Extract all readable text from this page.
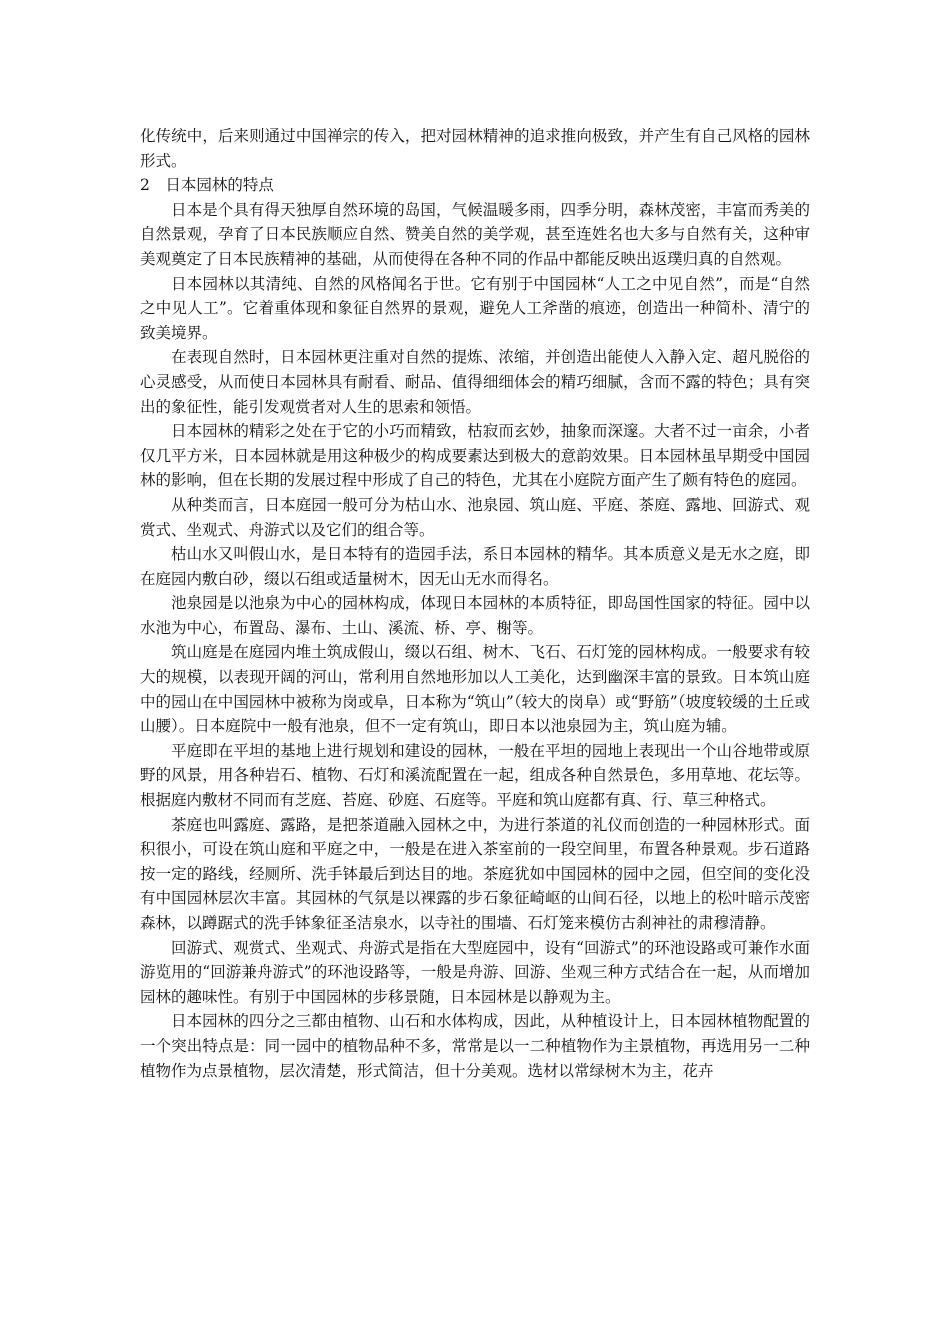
化传统中，后来则通过中国禅宗的传入，把对园林精神的追求推向极致，并产生有自己风格的园林形式。

2　日本园林的特点

日本是个具有得天独厚自然环境的岛国，气候温暖多雨，四季分明，森林茂密，丰富而秀美的自然景观，孕育了日本民族顺应自然、赞美自然的美学观，甚至连姓名也大多与自然有关，这种审美观奠定了日本民族精神的基础，从而使得在各种不同的作品中都能反映出返璞归真的自然观。

日本园林以其清纯、自然的风格闻名于世。它有别于中国园林“人工之中见自然”，而是“自然之中见人工”。它着重体现和象征自然界的景观，避免人工斧凿的痕迹，创造出一种简朴、清宁的致美境界。

在表现自然时，日本园林更注重对自然的提炼、浓缩，并创造出能使人入静入定、超凡脱俗的心灵感受，从而使日本园林具有耐看、耐品、值得细细体会的精巧细腻，含而不露的特色；具有突出的象征性，能引发观赏者对人生的思索和领悟。

日本园林的精彩之处在于它的小巧而精致，枯寂而玄妙，抽象而深邃。大者不过一亩余，小者仅几平方米，日本园林就是用这种极少的构成要素达到极大的意韵效果。日本园林虽早期受中国园林的影响，但在长期的发展过程中形成了自己的特色，尤其在小庭院方面产生了颇有特色的庭园。

从种类而言，日本庭园一般可分为枯山水、池泉园、筑山庭、平庭、茶庭、露地、回游式、观赏式、坐观式、舟游式以及它们的组合等。

枯山水又叫假山水，是日本特有的造园手法，系日本园林的精华。其本质意义是无水之庭，即在庭园内敷白砂，缀以石组或适量树木，因无山无水而得名。

池泉园是以池泉为中心的园林构成，体现日本园林的本质特征，即岛国性国家的特征。园中以水池为中心，布置岛、瀑布、土山、溪流、桥、亭、榭等。

筑山庭是在庭园内堆土筑成假山，缀以石组、树木、飞石、石灯笼的园林构成。一般要求有较大的规模，以表现开阔的河山，常利用自然地形加以人工美化，达到幽深丰富的景致。日本筑山庭中的园山在中国园林中被称为岗或阜，日本称为“筑山”（较大的岗阜）或“野筋”（坡度较缓的土丘或山腰）。日本庭院中一般有池泉，但不一定有筑山，即日本以池泉园为主，筑山庭为辅。

平庭即在平坦的基地上进行规划和建设的园林，一般在平坦的园地上表现出一个山谷地带或原野的风景，用各种岩石、植物、石灯和溪流配置在一起，组成各种自然景色，多用草地、花坛等。根据庭内敷材不同而有芝庭、苔庭、砂庭、石庭等。平庭和筑山庭都有真、行、草三种格式。

茶庭也叫露庭、露路，是把茶道融入园林之中，为进行茶道的礼仪而创造的一种园林形式。面积很小，可设在筑山庭和平庭之中，一般是在进入茶室前的一段空间里，布置各种景观。步石道路按一定的路线，经厕所、洗手钵最后到达目的地。茶庭犹如中国园林的园中之园，但空间的变化没有中国园林层次丰富。其园林的气氛是以裸露的步石象征崎岖的山间石径，以地上的松叶暗示茂密森林，以蹲踞式的洗手钵象征圣洁泉水，以寺社的围墙、石灯笼来模仿古刹神社的肃穆清静。

回游式、观赏式、坐观式、舟游式是指在大型庭园中，设有“回游式”的环池设路或可兼作水面游览用的“回游兼舟游式”的环池设路等，一般是舟游、回游、坐观三种方式结合在一起，从而增加园林的趣味性。有别于中国园林的步移景随，日本园林是以静观为主。

日本园林的四分之三都由植物、山石和水体构成，因此，从种植设计上，日本园林植物配置的一个突出特点是：同一园中的植物品种不多，常常是以一二种植物作为主景植物，再选用另一二种植物作为点景植物，层次清楚，形式简洁，但十分美观。选材以常绿树木为主，花卉
